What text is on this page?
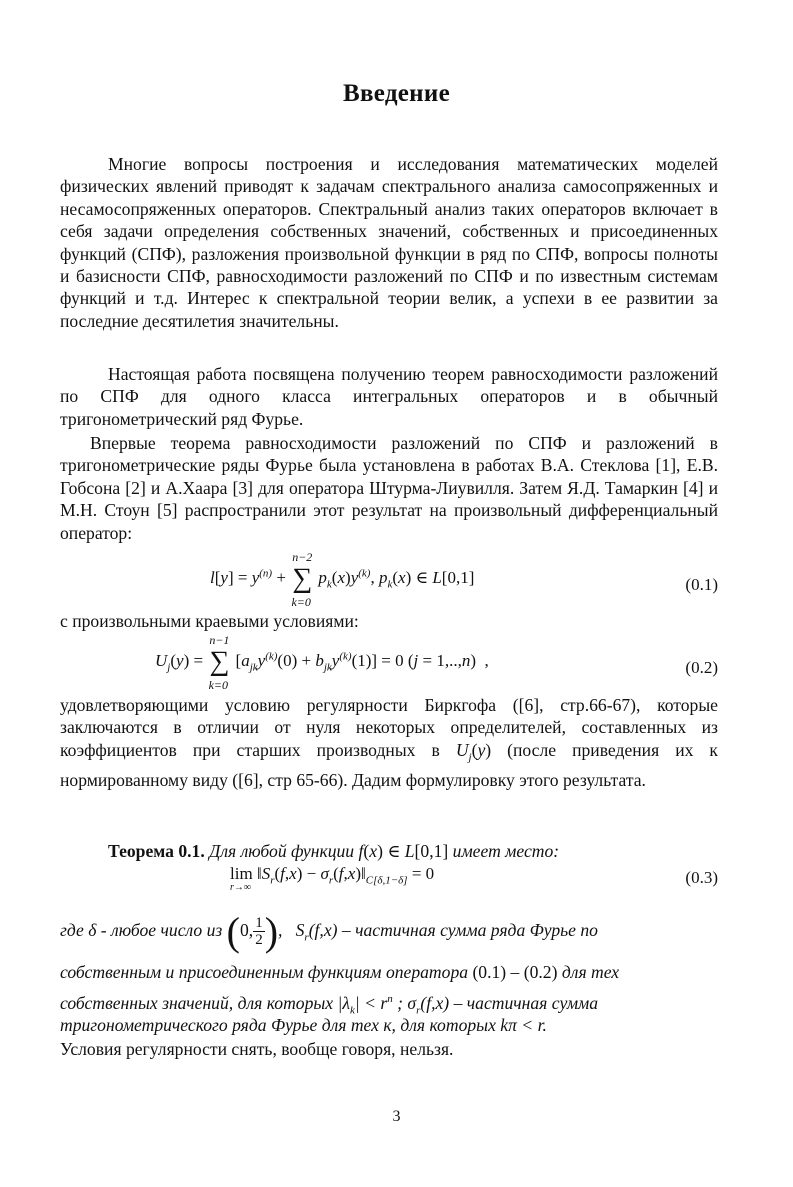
Введение

Многие вопросы построения и исследования математических моделей физических явлений приводят к задачам спектрального анализа самосопряженных и несамосопряженных операторов. Спектральный анализ таких операторов включает в себя задачи определения собственных значений, собственных и присоединенных функций (СПФ), разложения произвольной функции в ряд по СПФ, вопросы полноты и базисности СПФ, равносходимости разложений по СПФ и по известным системам функций и т.д. Интерес к спектральной теории велик, а успехи в ее развитии за последние десятилетия значительны.

Настоящая работа посвящена получению теорем равносходимости разложений по СПФ для одного класса интегральных операторов и в обычный тригонометрический ряд Фурье.

Впервые теорема равносходимости разложений по СПФ и разложений в тригонометрические ряды Фурье была установлена в работах В.А. Стеклова [1], Е.В. Гобсона [2] и А.Хаара [3] для оператора Штурма-Лиувилля. Затем Я.Д. Тамаркин [4] и М.Н. Стоун [5] распространили этот результат на произвольный дифференциальный оператор:

$l[y] = y^{(n)}$ +
n−2
∑
k=0
$p_k(x)y^{(k)}$, $p_k(x)$ ∈ L[0,1]	(0.1)

с произвольными краевыми условиями:

$U_j(y)$ =
n−1
∑
k=0
$[a_{jk}y^{(k)}(0) + b_{jk}y^{(k)}(1)] = 0$ (j = 1,..,n) ,	(0.2)

удовлетворяющими условию регулярности Биркгофа ([6], стр.66-67), которые заключаются в отличии от нуля некоторых определителей, составленных из коэффициентов при старших производных в $U_j(y)$ (после приведения их к нормированному виду ([6], стр 65-66). Дадим формулировку этого результата.

Теорема 0.1. Для любой функции f(x) ∈ L[0,1] имеет место:
lim
r→∞
$‖S_r(f,x)$ − $\sigma_r(f,x)‖_{C[\delta,1-\delta]} = 0$	(0.3)
где δ - любое число из (0, $\frac{1}{2}$ ),   $S_r(f,x)$ – частичная сумма ряда Фурье по
собственным и присоединенным функциям оператора (0.1) – (0.2) для тех
собственных значений, для которых $|\lambda_k| < r^n$ ; $\sigma_r(f,x)$ – частичная сумма
тригонометрического ряда Фурье для тех к, для которых kπ < r.

Условия регулярности снять, вообще говоря, нельзя.

3
